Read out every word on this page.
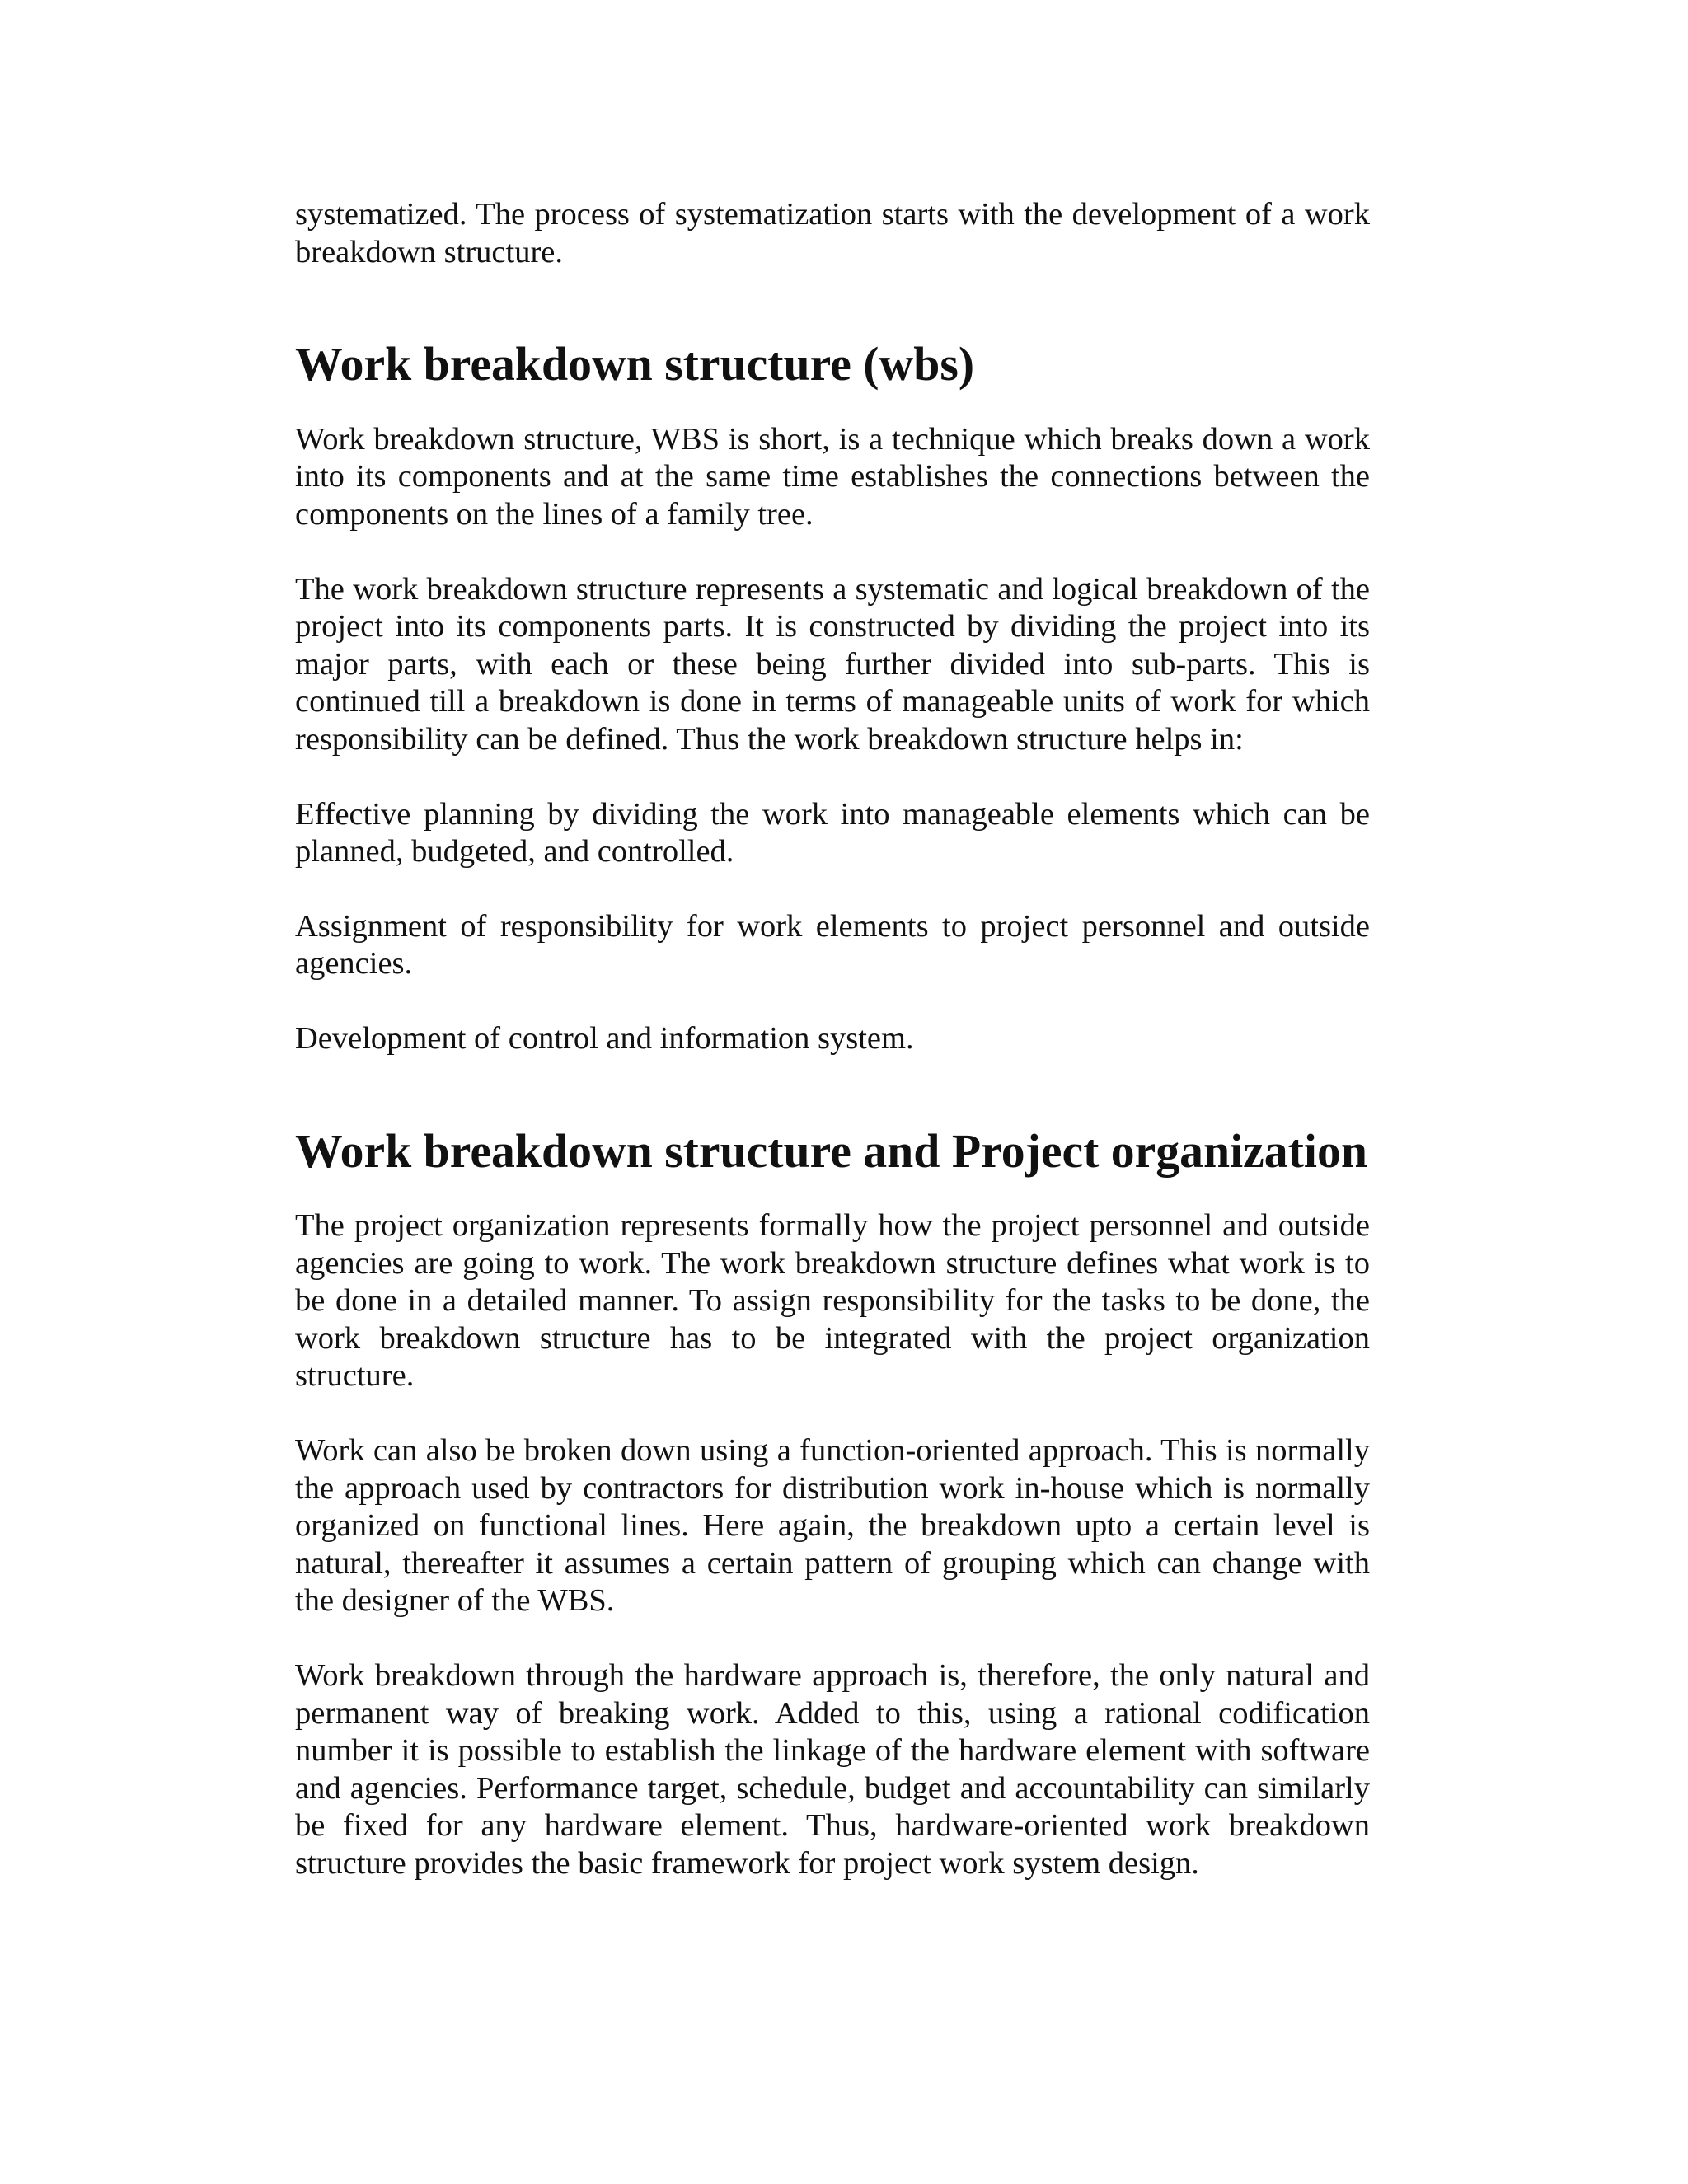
systematized. The process of systematization starts with the development of a work breakdown structure.

Work breakdown structure (wbs)

Work breakdown structure, WBS is short, is a technique which breaks down a work into its components and at the same time establishes the connections between the components on the lines of a family tree.

The work breakdown structure represents a systematic and logical breakdown of the project into its components parts. It is constructed by dividing the project into its major parts, with each or these being further divided into sub-parts. This is continued till a breakdown is done in terms of manageable units of work for which responsibility can be defined. Thus the work breakdown structure helps in:

Effective planning by dividing the work into manageable elements which can be planned, budgeted, and controlled.

Assignment of responsibility for work elements to project personnel and outside agencies.

Development of control and information system.

Work breakdown structure and Project organization

The project organization represents formally how the project personnel and outside agencies are going to work. The work breakdown structure defines what work is to be done in a detailed manner. To assign responsibility for the tasks to be done, the work breakdown structure has to be integrated with the project organization structure.

Work can also be broken down using a function-oriented approach. This is normally the approach used by contractors for distribution work in-house which is normally organized on functional lines. Here again, the breakdown upto a certain level is natural, thereafter it assumes a certain pattern of grouping which can change with the designer of the WBS.

Work breakdown through the hardware approach is, therefore, the only natural and permanent way of breaking work. Added to this, using a rational codification number it is possible to establish the linkage of the hardware element with software and agencies. Performance target, schedule, budget and accountability can similarly be fixed for any hardware element. Thus, hardware-oriented work breakdown structure provides the basic framework for project work system design.
